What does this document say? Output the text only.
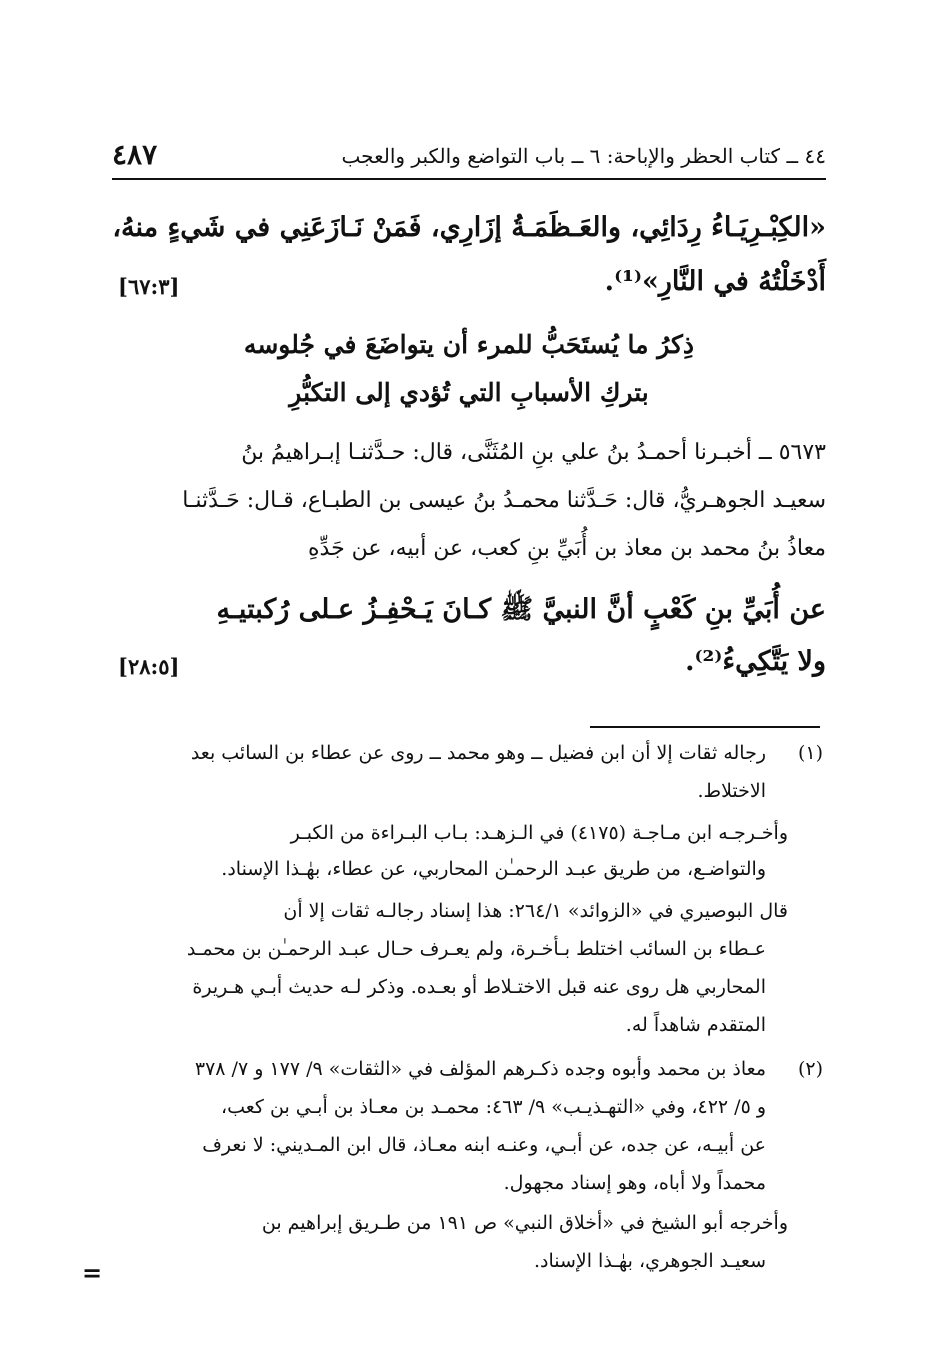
٤٤ ــ كتاب الحظر والإباحة: ٦ ــ باب التواضع والكبر والعجب
٤٨٧
«الكِبْـرِيَـاءُ رِدَائِي، والعَـظَمَـةُ إزَارِي، فَمَنْ نَـازَعَنِي في شَيءٍ منهُ،
أَدْخَلْتُهُ في النَّارِ»⁽¹⁾.
[٦٧:٣]
ذِكرُ ما يُستَحَبُّ للمرء أن يتواضَعَ في جُلوسه
بتركِ الأسبابِ التي تُؤدي إلى التكبُّرِ
٥٦٧٣ ــ أخبـرنا أحمـدُ بنُ علي بنِ المُثَنَّى، قال: حـدَّثنـا إبـراهيمُ بنُ
سعيـد الجوهـريُّ، قال: حَـدَّثنا محمـدُ بنُ عيسى بن الطبـاع، قـال: حَـدَّثنـا
معاذُ بنُ محمد بن معاذ بن أُبَيِّ بنِ كعب، عن أبيه، عن جَدِّهِ
عن أُبَيِّ بنِ كَعْبٍ أنَّ النبيَّ ﷺ كـانَ يَـحْفِـزُ عـلى رُكبتيـهِ
ولا يَتَّكِيءُ⁽²⁾.
[٢٨:٥]
(١)
رجاله ثقات إلا أن ابن فضيل ــ وهو محمد ــ روى عن عطاء بن السائب بعد
الاختلاط.
وأخـرجـه ابن مـاجـة (٤١٧٥) في الـزهـد: بـاب البـراءة من الكبـر
والتواضـع، من طريق عبـد الرحمـٰن المحاربي، عن عطاء، بهٰـذا الإسناد.
قال البوصيري في «الزوائد» ٢٦٤/١: هذا إسناد رجالـه ثقات إلا أن
عـطاء بن السائب اختلط بـأخـرة، ولم يعـرف حـال عبـد الرحمـٰن بن محمـد
المحاربي هل روى عنه قبل الاختـلاط أو بعـده. وذكر لـه حديث أبـي هـريرة
المتقدم شاهداً له.
(٢)
معاذ بن محمد وأبوه وجده ذكـرهم المؤلف في «الثقات» ٩/ ١٧٧ و ٧/ ٣٧٨
و ٥/ ٤٢٢، وفي «التهـذيـب» ٩/ ٤٦٣: محمـد بن معـاذ بن أبـي بن كعب،
عن أبيـه، عن جده، عن أبـي، وعنـه ابنه معـاذ، قال ابن المـديني: لا نعرف
محمداً ولا أباه، وهو إسناد مجهول.
وأخرجه أبو الشيخ في «أخلاق النبي» ص ١٩١ من طـريق إبراهيم بن
سعيـد الجوهري، بهٰـذا الإسناد.
=
